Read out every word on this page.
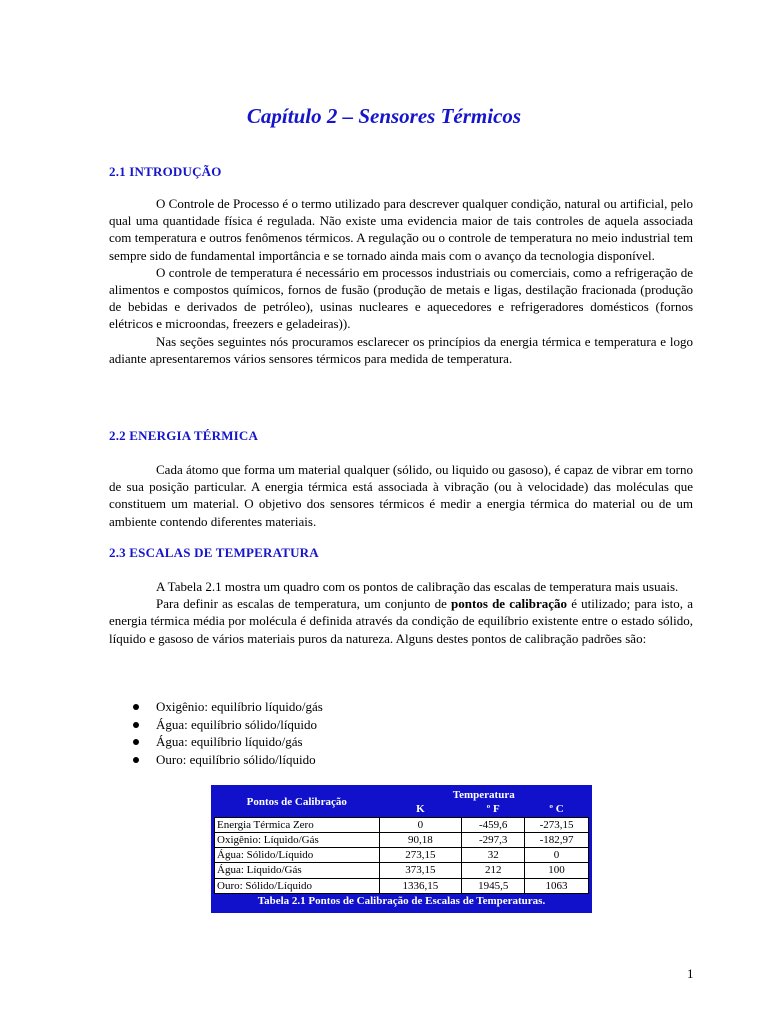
Capítulo 2 – Sensores Térmicos
2.1 INTRODUÇÃO

O Controle de Processo é o termo utilizado para descrever qualquer condição, natural ou artificial, pelo qual uma quantidade física é regulada. Não existe uma evidencia maior de tais controles de aquela associada com temperatura e outros fenômenos térmicos. A regulação ou o controle de temperatura no meio industrial tem sempre sido de fundamental importância e se tornado ainda mais com o avanço da tecnologia disponível.

O controle de temperatura é necessário em processos industriais ou comerciais, como a refrigeração de alimentos e compostos químicos, fornos de fusão (produção de metais e ligas, destilação fracionada (produção de bebidas e derivados de petróleo), usinas nucleares e aquecedores e refrigeradores domésticos (fornos elétricos e microondas, freezers e geladeiras)).

Nas seções seguintes nós procuramos esclarecer os princípios da energia térmica e temperatura e logo adiante apresentaremos vários sensores térmicos para medida de temperatura.

2.2 ENERGIA TÉRMICA

Cada átomo que forma um material qualquer (sólido, ou liquido ou gasoso), é capaz de vibrar em torno de sua posição particular. A energia térmica está associada à vibração (ou à velocidade) das moléculas que constituem um material. O objetivo dos sensores térmicos é medir a energia térmica do material ou de um ambiente contendo diferentes materiais.

2.3 ESCALAS DE TEMPERATURA

A Tabela 2.1 mostra um quadro com os pontos de calibração das escalas de temperatura mais usuais.

Para definir as escalas de temperatura, um conjunto de pontos de calibração é utilizado; para isto, a energia térmica média por molécula é definida através da condição de equilíbrio existente entre o estado sólido, líquido e gasoso de vários materiais puros da natureza. Alguns destes pontos de calibração padrões são:

Oxigênio: equilíbrio líquido/gás
Água: equilíbrio sólido/líquido
Água: equilíbrio líquido/gás
Ouro: equilíbrio sólido/líquido
Pontos de Calibração	Temperatura		
	K	º F	º C
Energia Térmica Zero	0	-459,6	-273,15
Oxigênio: Líquido/Gás	90,18	-297,3	-182,97
Água: Sólido/Líquido	273,15	32	0
Água: Líquido/Gás	373,15	212	100
Ouro: Sólido/Líquido	1336,15	1945,5	1063
Tabela 2.1 Pontos de Calibração de Escalas de Temperaturas.			

1
